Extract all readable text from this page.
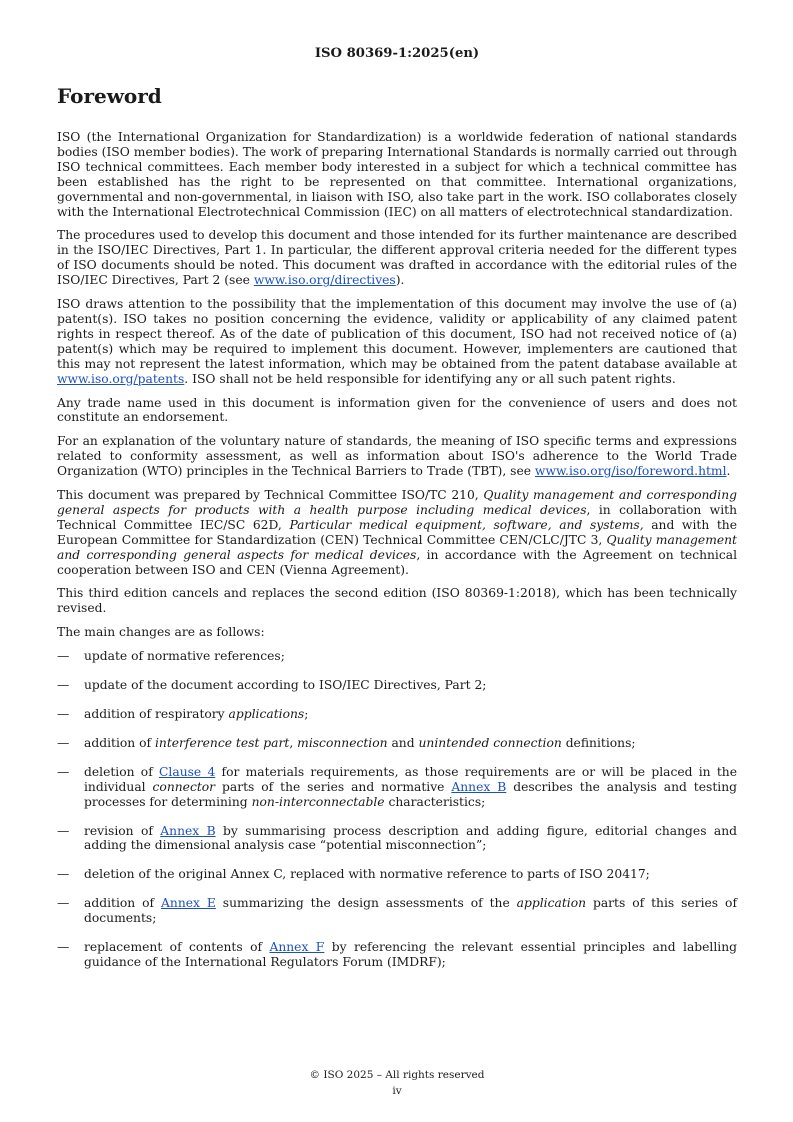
ISO 80369-1:2025(en)
Foreword

ISO (the International Organization for Standardization) is a worldwide federation of national standards bodies (ISO member bodies). The work of preparing International Standards is normally carried out through ISO technical committees. Each member body interested in a subject for which a technical committee has been established has the right to be represented on that committee. International organizations, governmental and non-governmental, in liaison with ISO, also take part in the work. ISO collaborates closely with the International Electrotechnical Commission (IEC) on all matters of electrotechnical standardization.

The procedures used to develop this document and those intended for its further maintenance are described in the ISO/IEC Directives, Part 1. In particular, the different approval criteria needed for the different types of ISO documents should be noted. This document was drafted in accordance with the editorial rules of the ISO/IEC Directives, Part 2 (see www.iso.org/directives).

ISO draws attention to the possibility that the implementation of this document may involve the use of (a) patent(s). ISO takes no position concerning the evidence, validity or applicability of any claimed patent rights in respect thereof. As of the date of publication of this document, ISO had not received notice of (a) patent(s) which may be required to implement this document. However, implementers are cautioned that this may not represent the latest information, which may be obtained from the patent database available at www.iso.org/patents. ISO shall not be held responsible for identifying any or all such patent rights.

Any trade name used in this document is information given for the convenience of users and does not constitute an endorsement.

For an explanation of the voluntary nature of standards, the meaning of ISO specific terms and expressions related to conformity assessment, as well as information about ISO's adherence to the World Trade Organization (WTO) principles in the Technical Barriers to Trade (TBT), see www.iso.org/iso/foreword.html.

This document was prepared by Technical Committee ISO/TC 210, Quality management and corresponding general aspects for products with a health purpose including medical devices, in collaboration with Technical Committee IEC/SC 62D, Particular medical equipment, software, and systems, and with the European Committee for Standardization (CEN) Technical Committee CEN/CLC/JTC 3, Quality management and corresponding general aspects for medical devices, in accordance with the Agreement on technical cooperation between ISO and CEN (Vienna Agreement).

This third edition cancels and replaces the second edition (ISO 80369-1:2018), which has been technically revised.

The main changes are as follows:

— update of normative references;
— update of the document according to ISO/IEC Directives, Part 2;
— addition of respiratory applications;
— addition of interference test part, misconnection and unintended connection definitions;
— deletion of Clause 4 for materials requirements, as those requirements are or will be placed in the individual connector parts of the series and normative Annex B describes the analysis and testing processes for determining non-interconnectable characteristics;
— revision of Annex B by summarising process description and adding figure, editorial changes and adding the dimensional analysis case “potential misconnection”;
— deletion of the original Annex C, replaced with normative reference to parts of ISO 20417;
— addition of Annex E summarizing the design assessments of the application parts of this series of documents;
— replacement of contents of Annex F by referencing the relevant essential principles and labelling guidance of the International Regulators Forum (IMDRF);
© ISO 2025 – All rights reserved
iv
